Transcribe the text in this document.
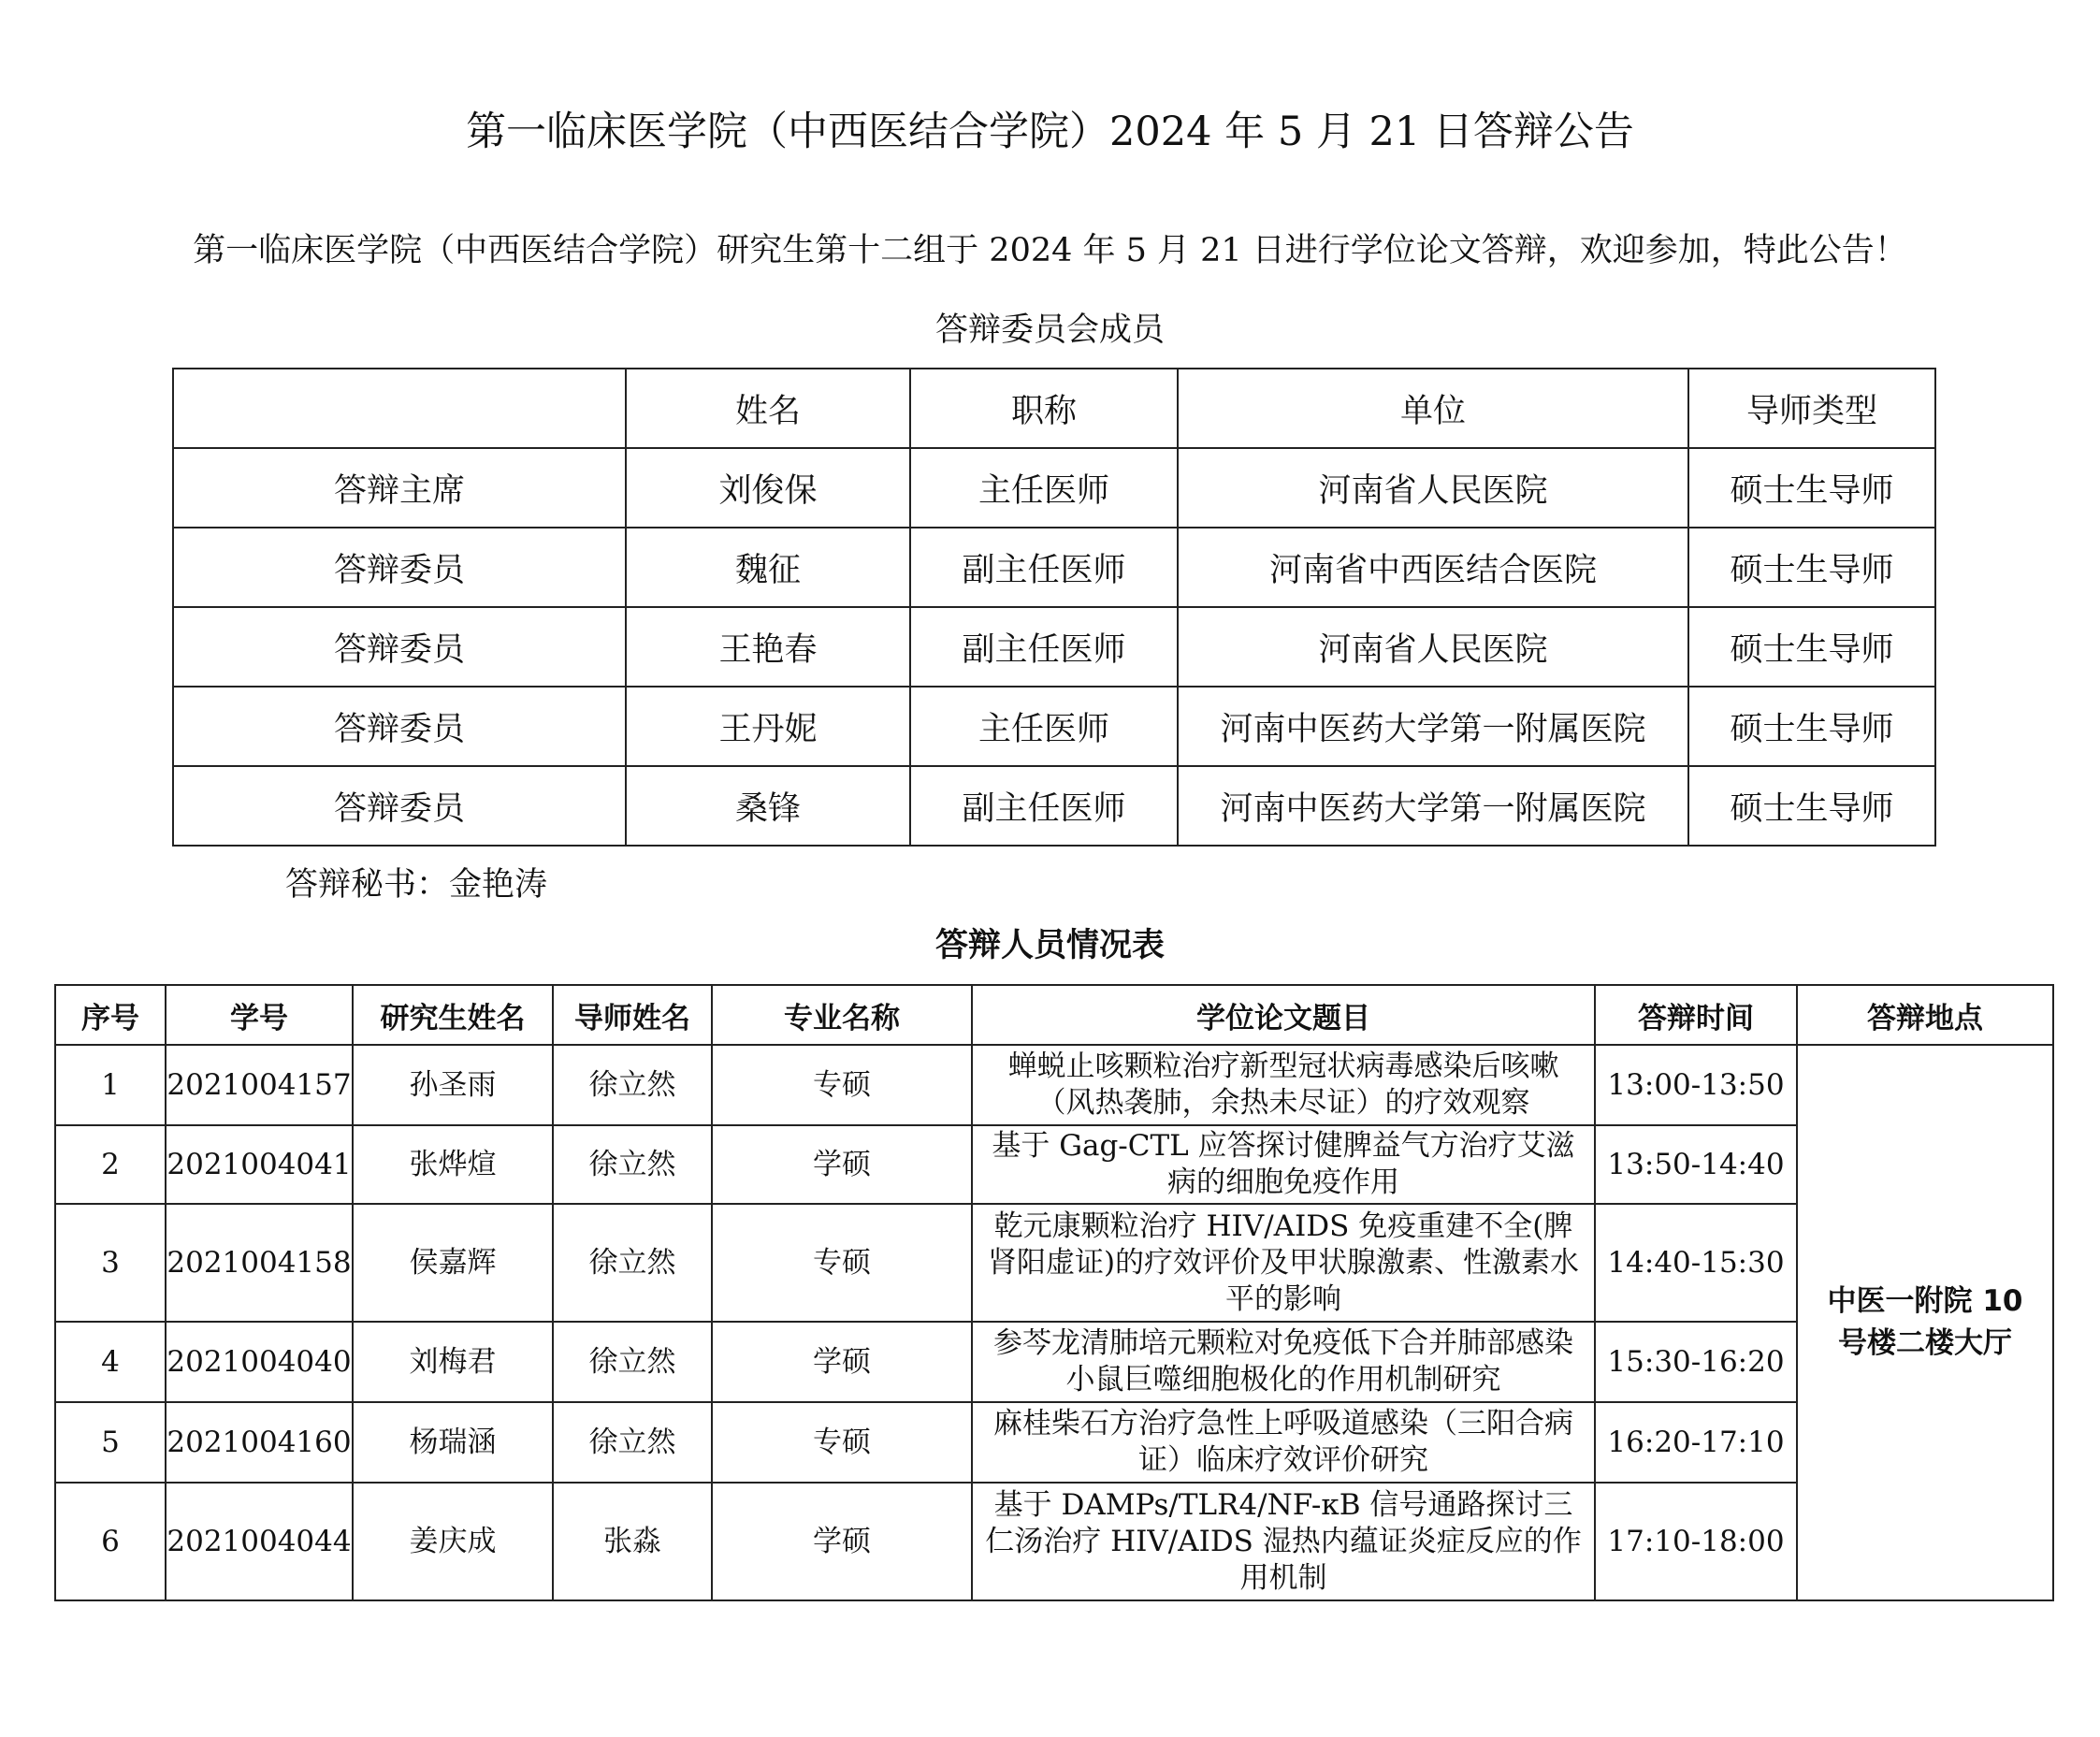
第一临床医学院（中西医结合学院）2024 年 5 月 21 日答辩公告
第一临床医学院（中西医结合学院）研究生第十二组于 2024 年 5 月 21 日进行学位论文答辩，欢迎参加，特此公告！
答辩委员会成员
	姓名	职称	单位	导师类型
答辩主席	刘俊保	主任医师	河南省人民医院	硕士生导师
答辩委员	魏征	副主任医师	河南省中西医结合医院	硕士生导师
答辩委员	王艳春	副主任医师	河南省人民医院	硕士生导师
答辩委员	王丹妮	主任医师	河南中医药大学第一附属医院	硕士生导师
答辩委员	桑锋	副主任医师	河南中医药大学第一附属医院	硕士生导师
答辩秘书：金艳涛
答辩人员情况表
序号	学号	研究生姓名	导师姓名	专业名称	学位论文题目	答辩时间	答辩地点
1	2021004157	孙圣雨	徐立然	专硕	蝉蜕止咳颗粒治疗新型冠状病毒感染后咳嗽（风热袭肺，余热未尽证）的疗效观察	13:00-13:50	中医一附院 10 号楼二楼大厅
2	2021004041	张烨煊	徐立然	学硕	基于 Gag-CTL 应答探讨健脾益气方治疗艾滋病的细胞免疫作用	13:50-14:40	
3	2021004158	侯嘉辉	徐立然	专硕	乾元康颗粒治疗 HIV/AIDS 免疫重建不全(脾肾阳虚证)的疗效评价及甲状腺激素、性激素水平的影响	14:40-15:30	
4	2021004040	刘梅君	徐立然	学硕	参芩龙清肺培元颗粒对免疫低下合并肺部感染小鼠巨噬细胞极化的作用机制研究	15:30-16:20	
5	2021004160	杨瑞涵	徐立然	专硕	麻桂柴石方治疗急性上呼吸道感染（三阳合病证）临床疗效评价研究	16:20-17:10	
6	2021004044	姜庆成	张淼	学硕	基于 DAMPs/TLR4/NF-κB 信号通路探讨三仁汤治疗 HIV/AIDS 湿热内蕴证炎症反应的作用机制	17:10-18:00	
